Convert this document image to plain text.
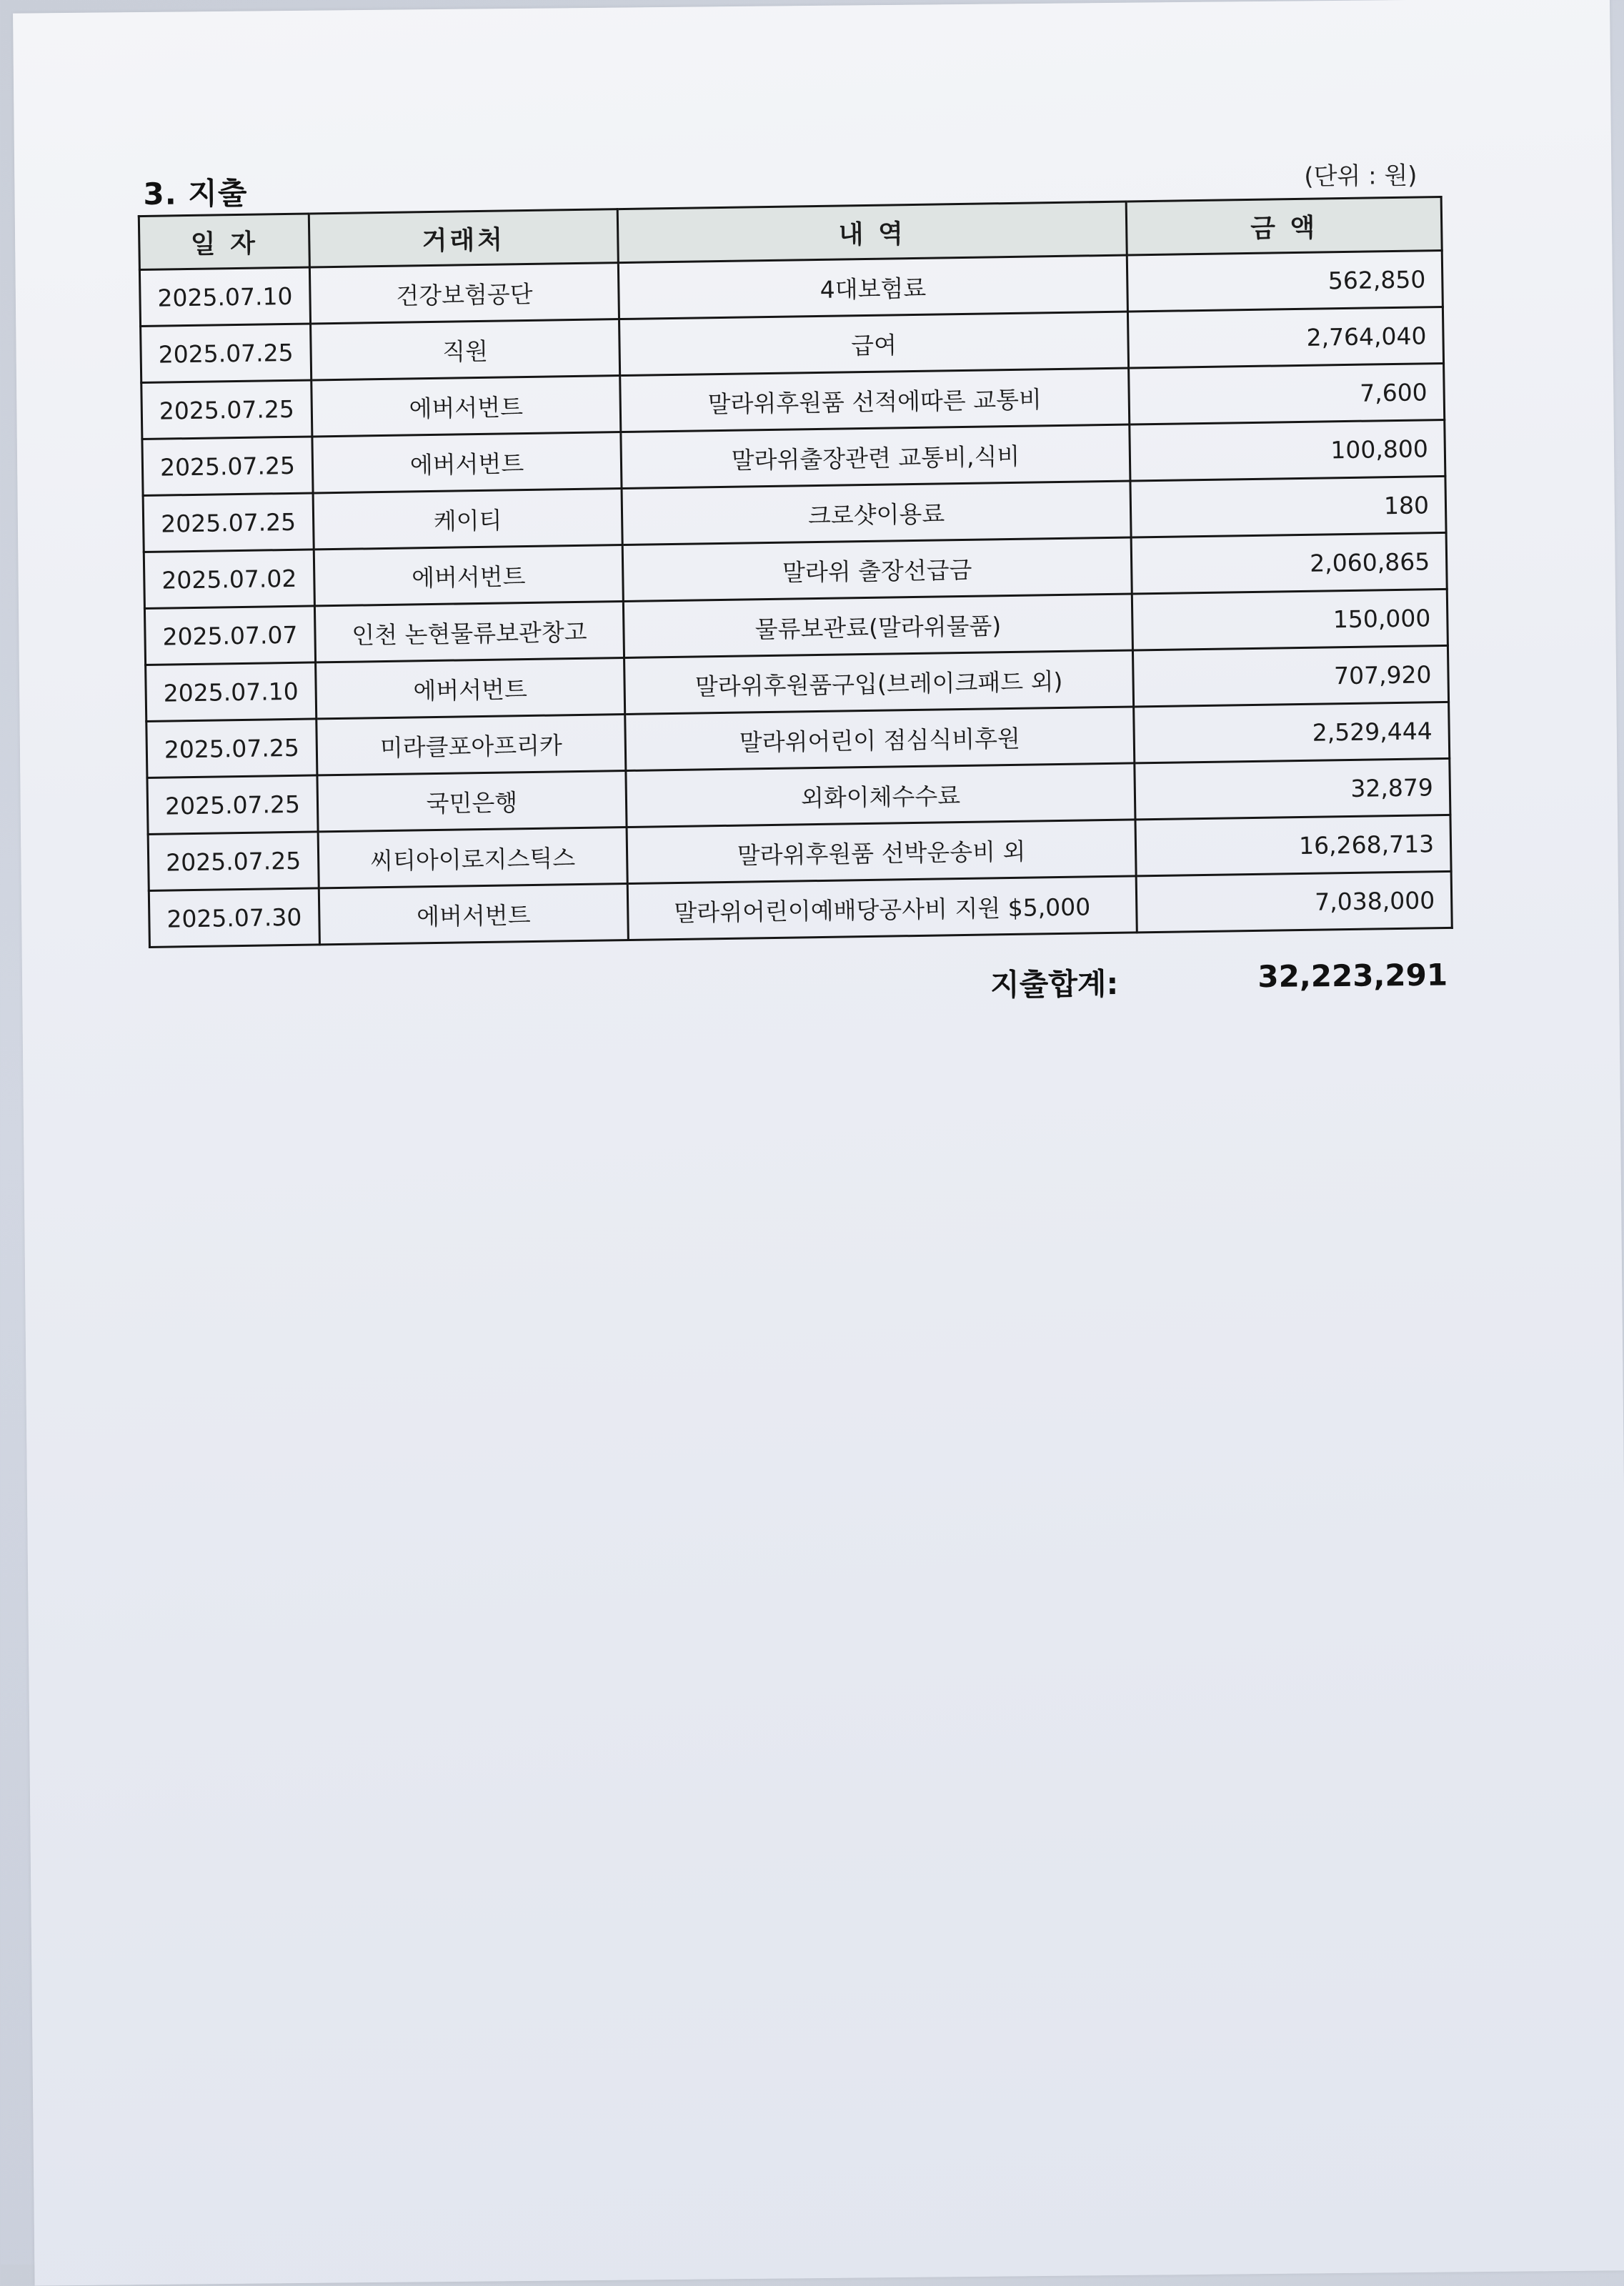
3. 지출	(단위 : 원)
일 자	거래처	내 역	금 액
2025.07.10	건강보험공단	4대보험료	562,850
2025.07.25	직원	급여	2,764,040
2025.07.25	에버서번트	말라위후원품 선적에따른 교통비	7,600
2025.07.25	에버서번트	말라위출장관련 교통비,식비	100,800
2025.07.25	케이티	크로샷이용료	180
2025.07.02	에버서번트	말라위 출장선급금	2,060,865
2025.07.07	인천 논현물류보관창고	물류보관료(말라위물품)	150,000
2025.07.10	에버서번트	말라위후원품구입(브레이크패드 외)	707,920
2025.07.25	미라클포아프리카	말라위어린이 점심식비후원	2,529,444
2025.07.25	국민은행	외화이체수수료	32,879
2025.07.25	씨티아이로지스틱스	말라위후원품 선박운송비 외	16,268,713
2025.07.30	에버서번트	말라위어린이예배당공사비 지원 $5,000	7,038,000
지출합계:	32,223,291
